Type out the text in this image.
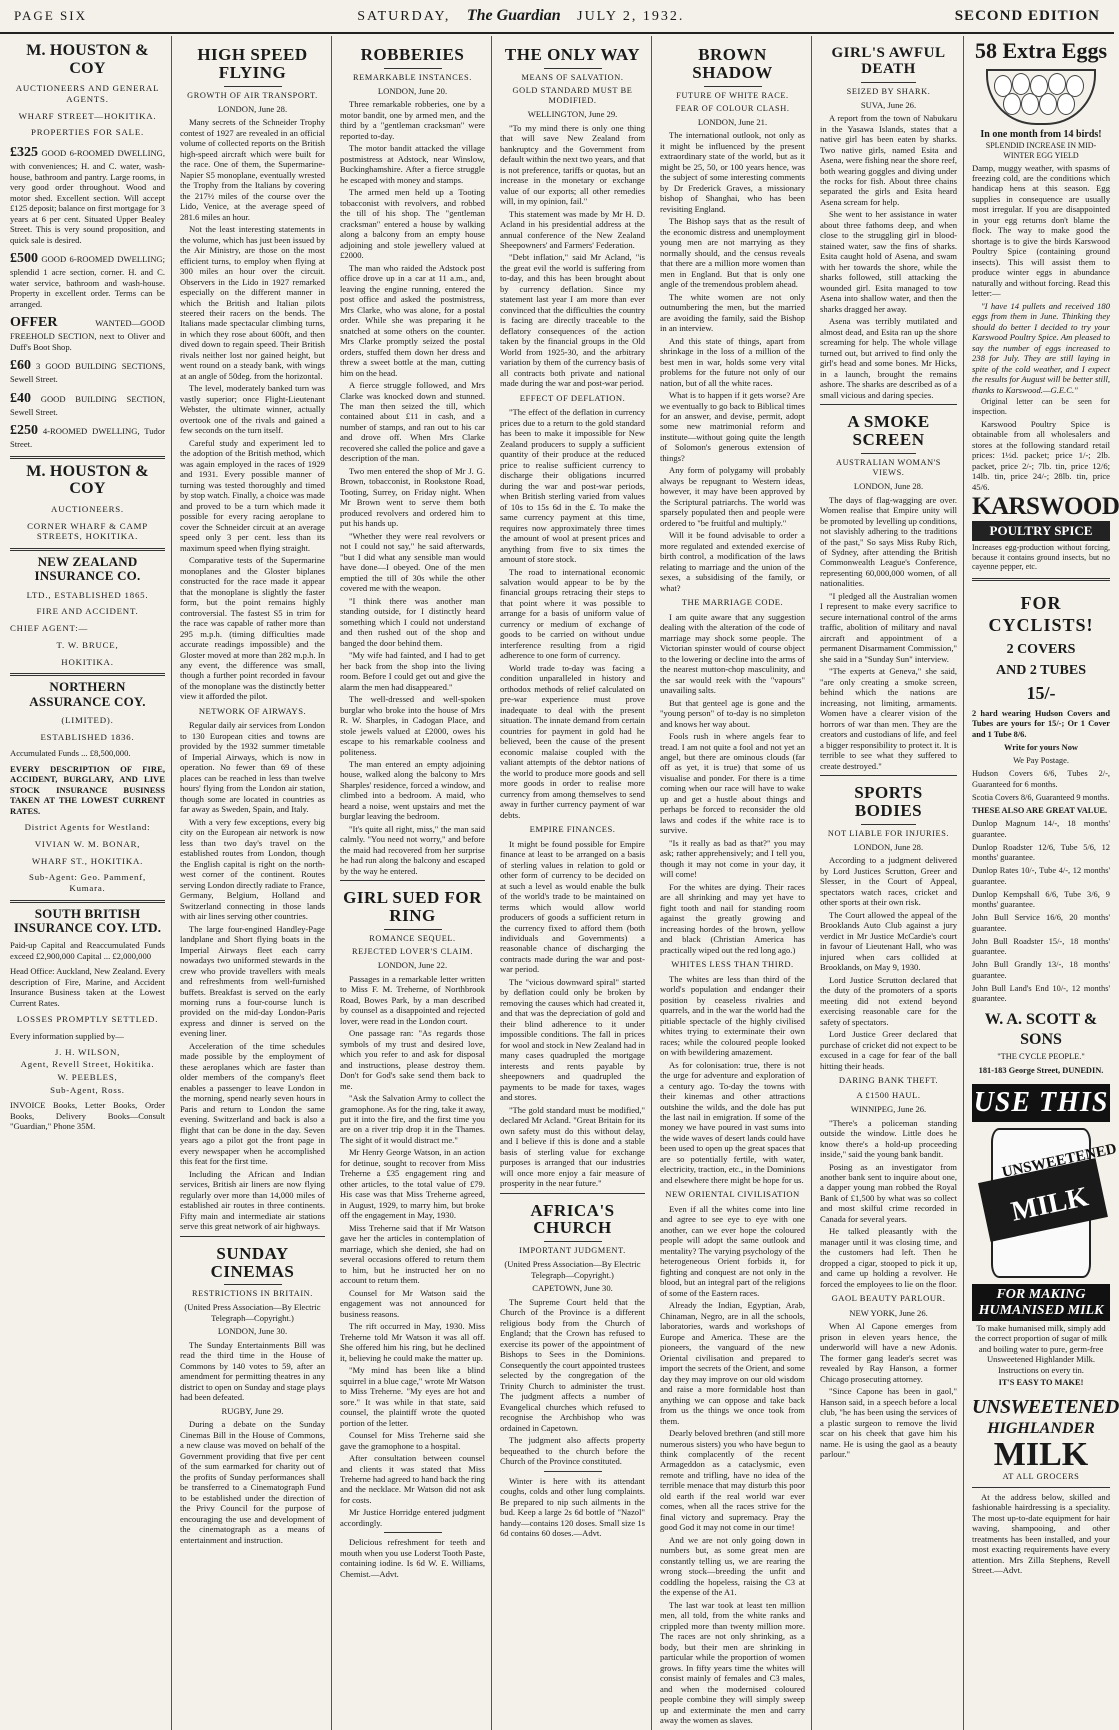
PAGE SIX	SATURDAY, The Guardian JULY 2, 1932.	SECOND EDITION
M. HOUSTON & COY
AUCTIONEERS AND GENERAL AGENTS.
WHARF STREET—HOKITIKA.
PROPERTIES FOR SALE.
£325 GOOD 6-ROOMED DWELLING, with conveniences; H. and C. water, wash-house, bathroom and pantry. Large rooms, in very good order throughout. Wood and motor shed. Excellent section. Will accept £125 deposit; balance on first mortgage for 3 years at 6 per cent. Situated Upper Bealey Street. This is very sound proposition, and quick sale is desired.
£500 GOOD 6-ROOMED DWELLING; splendid 1 acre section, corner. H. and C. water service, bathroom and wash-house. Property in excellent order. Terms can be arranged.
OFFER	WANTED—GOOD FREEHOLD SECTION, next to Oliver and Duff's Boot Shop.
£60 3 GOOD BUILDING SECTIONS, Sewell Street.
£40 GOOD BUILDING SECTION, Sewell Street.
£250 4-ROOMED DWELLING, Tudor Street.
M. HOUSTON & COY
AUCTIONEERS.
CORNER WHARF & CAMP STREETS, HOKITIKA.
NEW ZEALAND INSURANCE CO.
LTD., ESTABLISHED 1865.
FIRE AND ACCIDENT.
CHIEF AGENT:—
T. W. BRUCE,
HOKITIKA.
NORTHERN ASSURANCE COY.
(LIMITED).
ESTABLISHED 1836.
Accumulated Funds ... £8,500,000.
EVERY DESCRIPTION OF FIRE, ACCIDENT, BURGLARY, AND LIVE STOCK INSURANCE BUSINESS TAKEN AT THE LOWEST CURRENT RATES.
District Agents for Westland:
VIVIAN W. M. BONAR,
WHARF ST., HOKITIKA.
Sub-Agent: Geo. Pammenf, Kumara.
SOUTH BRITISH INSURANCE COY. LTD.
Paid-up Capital and Reaccumulated Funds exceed £2,900,000 Capital ... £2,000,000
Head Office: Auckland, New Zealand. Every description of Fire, Marine, and Accident Insurance Business taken at the Lowest Current Rates.
LOSSES PROMPTLY SETTLED.
Every information supplied by—
J. H. WILSON,
Agent, Revell Street, Hokitika.
W. PEEBLES,
Sub-Agent, Ross.
INVOICE Books, Letter Books, Order Books, Delivery Books—Consult "Guardian," Phone 35M.
HIGH SPEED FLYING
GROWTH OF AIR TRANSPORT.
LONDON, June 28.

Many secrets of the Schneider Trophy contest of 1927 are revealed in an official volume of collected reports on the British high-speed aircraft which were built for the race. One of them, the Supermarine-Napier S5 monoplane, eventually wrested the Trophy from the Italians by covering the 217½ miles of the course over the Lido, Venice, at the average speed of 281.6 miles an hour.

Not the least interesting statements in the volume, which has just been issued by the Air Ministry, are those on the most efficient turns, to employ when flying at 300 miles an hour over the circuit. Observers in the Lido in 1927 remarked especially on the different manner in which the British and Italian pilots steered their racers on the bends. The Italians made spectacular climbing turns, in which they rose about 600ft, and then dived down to regain speed. Their British rivals neither lost nor gained height, but went round on a steady bank, with wings at an angle of 50deg. from the horizontal.

The level, moderately banked turn was vastly superior; once Flight-Lieutenant Webster, the ultimate winner, actually overtook one of the rivals and gained a few seconds on the turn itself.

Careful study and experiment led to the adoption of the British method, which was again employed in the races of 1929 and 1931. Every possible manner of turning was tested thoroughly and timed by stop watch. Finally, a choice was made and proved to be a turn which made it possible for every racing aeroplane to cover the Schneider circuit at an average speed only 3 per cent. less than its maximum speed when flying straight.

Comparative tests of the Supermarine monoplanes and the Gloster biplanes constructed for the race made it appear that the monoplane is slightly the faster form, but the point remains highly controversial. The fastest S5 in trim for the race was capable of rather more than 295 m.p.h. (timing difficulties made accurate readings impossible) and the Gloster moved at more than 282 m.p.h. In any event, the difference was small, though a further point recorded in favour of the monoplane was the distinctly better view it afforded the pilot.

NETWORK OF AIRWAYS.

Regular daily air services from London to 130 European cities and towns are provided by the 1932 summer timetable of Imperial Airways, which is now in operation. No fewer than 69 of these places can be reached in less than twelve hours' flying from the London air station, though some are located in countries as far away as Sweden, Spain, and Italy.

With a very few exceptions, every big city on the European air network is now less than two day's travel on the established routes from London, though the English capital is right on the north-west corner of the continent. Routes serving London directly radiate to France, Germany, Belgium, Holland and Switzerland connecting in those lands with air lines serving other countries.

The large four-engined Handley-Page landplane and Short flying boats in the Imperial Airways fleet each carry nowadays two uniformed stewards in the crew who provide travellers with meals and refreshments from well-furnished buffets. Breakfast is served on the early morning runs a four-course lunch is provided on the mid-day London-Paris express and dinner is served on the evening liner.

Acceleration of the time schedules made possible by the employment of these aeroplanes which are faster than older members of the company's fleet enables a passenger to leave London in the morning, spend nearly seven hours in Paris and return to London the same evening. Switzerland and back is also a flight that can be done in the day. Seven years ago a pilot got the front page in every newspaper when he accomplished this feat for the first time.

Including the African and Indian services, British air liners are now flying regularly over more than 14,000 miles of established air routes in three continents. Fifty main and intermediate air stations serve this great network of air highways.

SUNDAY CINEMAS
RESTRICTIONS IN BRITAIN.
(United Press Association—By Electric Telegraph—Copyright.)
LONDON, June 30.

The Sunday Entertainments Bill was read the third time in the House of Commons by 140 votes to 59, after an amendment for permitting theatres in any district to open on Sunday and stage plays had been defeated.

RUGBY, June 29.

During a debate on the Sunday Cinemas Bill in the House of Commons, a new clause was moved on behalf of the Government providing that five per cent of the sum earmarked for charity out of the profits of Sunday performances shall be transferred to a Cinematograph Fund to be established under the direction of the Privy Council for the purpose of encouraging the use and development of the cinematograph as a means of entertainment and instruction.

ROBBERIES
REMARKABLE INSTANCES.
LONDON, June 20.

Three remarkable robberies, one by a motor bandit, one by armed men, and the third by a "gentleman cracksman" were reported to-day.

The motor bandit attacked the village postmistress at Adstock, near Winslow, Buckinghamshire. After a fierce struggle he escaped with money and stamps.

The armed men held up a Tooting tobacconist with revolvers, and robbed the till of his shop. The "gentleman cracksman" entered a house by walking along a balcony from an empty house adjoining and stole jewellery valued at £2000.

The man who raided the Adstock post office drove up in a car at 11 a.m., and, leaving the engine running, entered the post office and asked the postmistress, Mrs Clarke, who was alone, for a postal order. While she was preparing it he snatched at some others on the counter. Mrs Clarke promptly seized the postal orders, stuffed them down her dress and threw a sweet bottle at the man, cutting him on the head.

A fierce struggle followed, and Mrs Clarke was knocked down and stunned. The man then seized the till, which contained about £11 in cash, and a number of stamps, and ran out to his car and drove off. When Mrs Clarke recovered she called the police and gave a description of the man.

Two men entered the shop of Mr J. G. Brown, tobacconist, in Rookstone Road, Tooting, Surrey, on Friday night. When Mr Brown went to serve them both produced revolvers and ordered him to put his hands up.

"Whether they were real revolvers or not I could not say," he said afterwards, "but I did what any sensible man would have done—I obeyed. One of the men emptied the till of 30s while the other covered me with the weapon.

"I think there was another man standing outside, for I distinctly heard something which I could not understand and then rushed out of the shop and banged the door behind them.

"My wife had fainted, and I had to get her back from the shop into the living room. Before I could get out and give the alarm the men had disappeared."

The well-dressed and well-spoken burglar who broke into the house of Mrs R. W. Sharples, in Cadogan Place, and stole jewels valued at £2000, owes his escape to his remarkable coolness and politeness.

The man entered an empty adjoining house, walked along the balcony to Mrs Sharples' residence, forced a window, and climbed into a bedroom. A maid, who heard a noise, went upstairs and met the burglar leaving the bedroom.

"It's quite all right, miss," the man said calmly. "You need not worry," and before the maid had recovered from her surprise he had run along the balcony and escaped by the way he entered.

GIRL SUED FOR RING
ROMANCE SEQUEL.
REJECTED LOVER'S CLAIM.
LONDON, June 22.

Passages in a remarkable letter written to Miss F. M. Treherne, of Northbrook Road, Bowes Park, by a man described by counsel as a disappointed and rejected lover, were read in the London court.

One passage ran: "As regards those symbols of my trust and desired love, which you refer to and ask for disposal and instructions, please destroy them. Don't for God's sake send them back to me.

"Ask the Salvation Army to collect the gramophone. As for the ring, take it away, put it into the fire, and the first time you are on a river trip drop it in the Thames. The sight of it would distract me."

Mr Henry George Watson, in an action for detinue, sought to recover from Miss Treherne a £35 engagement ring and other articles, to the total value of £79. His case was that Miss Treherne agreed, in August, 1929, to marry him, but broke off the engagement in May, 1930.

Miss Treherne said that if Mr Watson gave her the articles in contemplation of marriage, which she denied, she had on several occasions offered to return them to him, but he instructed her on no account to return them.

Counsel for Mr Watson said the engagement was not announced for business reasons.

The rift occurred in May, 1930. Miss Treherne told Mr Watson it was all off. She offered him his ring, but he declined it, believing he could make the matter up.

"My mind has been like a blind squirrel in a blue cage," wrote Mr Watson to Miss Treherne. "My eyes are hot and sore." It was while in that state, said counsel, the plaintiff wrote the quoted portion of the letter.

Counsel for Miss Treherne said she gave the gramophone to a hospital.

After consultation between counsel and clients it was stated that Miss Treherne had agreed to hand back the ring and the necklace. Mr Watson did not ask for costs.

Mr Justice Horridge entered judgment accordingly.

Delicious refreshment for teeth and mouth when you use Loderst Tooth Paste, containing iodine. Is 6d W. E. Williams, Chemist.—Advt.

THE ONLY WAY
MEANS OF SALVATION.
GOLD STANDARD MUST BE MODIFIED.
WELLINGTON, June 29.

"To my mind there is only one thing that will save New Zealand from bankruptcy and the Government from default within the next two years, and that is not preference, tariffs or quotas, but an increase in the monetary or exchange value of our exports; all other remedies will, in my opinion, fail."

This statement was made by Mr H. D. Acland in his presidential address at the annual conference of the New Zealand Sheepowners' and Farmers' Federation.

"Debt inflation," said Mr Acland, "is the great evil the world is suffering from to-day, and this has been brought about by currency deflation. Since my statement last year I am more than ever convinced that the difficulties the country is facing are directly traceable to the deflatory consequences of the action taken by the financial groups in the Old World from 1925-30, and the arbitrary variation by them of the currency basis of all contracts both private and national made during the war and post-war period.

EFFECT OF DEFLATION.

"The effect of the deflation in currency prices due to a return to the gold standard has been to make it impossible for New Zealand producers to supply a sufficient quantity of their produce at the reduced price to realise sufficient currency to discharge their obligations incurred during the war and post-war periods, when British sterling varied from values of 10s to 15s 6d in the £. To make the same currency payment at this time, requires now approximately three times the amount of wool at present prices and anything from five to six times the amount of store stock.

The road to international economic salvation would appear to be by the financial groups retracing their steps to that point where it was possible to arrange for a basis of uniform value of currency or medium of exchange of goods to be carried on without undue interference resulting from a rigid adherence to one form of currency.

World trade to-day was facing a condition unparalleled in history and orthodox methods of relief calculated on pre-war experience must prove inadequate to deal with the present situation. The innate demand from certain countries for payment in gold had he believed, been the cause of the present economic malaise coupled with the valiant attempts of the debtor nations of the world to produce more goods and sell more goods in order to realise more currency from among themselves to send away in further currency payment of war debts.

EMPIRE FINANCES.

It might be found possible for Empire finance at least to be arranged on a basis of sterling values in relation to gold or other form of currency to be decided on at such a level as would enable the bulk of the world's trade to be maintained on terms which would allow world producers of goods a sufficient return in the currency fixed to afford them (both individuals and Governments) a reasonable chance of discharging the contracts made during the war and post-war period.

The "vicious downward spiral" started by deflation could only be broken by removing the causes which had created it, and that was the depreciation of gold and their blind adherence to it under impossible conditions. The fall in prices for wool and stock in New Zealand had in many cases quadrupled the mortgage interests and rents payable by sheepowners and quadrupled the payments to be made for taxes, wages and stores.

"The gold standard must be modified," declared Mr Acland. "Great Britain for its own safety must do this without delay, and I believe if this is done and a stable basis of sterling value for exchange purposes is arranged that our industries will once more enjoy a fair measure of prosperity in the near future."

AFRICA'S CHURCH
IMPORTANT JUDGMENT.
(United Press Association—By Electric Telegraph—Copyright.)
CAPETOWN, June 30.

The Supreme Court held that the Church of the Province is a different religious body from the Church of England; that the Crown has refused to exercise its power of the appointment of Bishops to Sees in the Dominions. Consequently the court appointed trustees selected by the congregation of the Trinity Church to administer the trust. The judgment affects a number of Evangelical churches which refused to recognise the Archbishop who was ordained in Capetown.

The judgment also affects property bequeathed to the church before the Church of the Province constituted.

Winter is here with its attendant coughs, colds and other lung complaints. Be prepared to nip such ailments in the bud. Keep a large 2s 6d bottle of "Nazol" handy—contains 120 doses. Small size 1s 6d contains 60 doses.—Advt.

BROWN SHADOW
FUTURE OF WHITE RACE.
FEAR OF COLOUR CLASH.
LONDON, June 21.

The international outlook, not only as it might be influenced by the present extraordinary state of the world, but as it might be 25, 50, or 100 years hence, was the subject of some interesting comments by Dr Frederick Graves, a missionary bishop of Shanghai, who has been revisiting England.

The Bishop says that as the result of the economic distress and unemployment young men are not marrying as they normally should, and the census reveals that there are a million more women than men in England. But that is only one angle of the tremendous problem ahead.

The white women are not only outnumbering the men, but the married are avoiding the family, said the Bishop in an interview.

And this state of things, apart from shrinkage in the loss of a million of the best men in war, holds some very vital problems for the future not only of our nation, but of all the white races.

What is to happen if it gets worse? Are we eventually to go back to Biblical times for an answer, and devise, permit, adopt some new matrimonial reform and institute—without going quite the length of Solomon's generous extension of things?

Any form of polygamy will probably always be repugnant to Western ideas, however, it may have been approved by the Scriptural patriarchs. The world was sparsely populated then and people were ordered to "be fruitful and multiply."

Will it be found advisable to order a more regulated and extended exercise of birth control, a modification of the laws relating to marriage and the union of the sexes, a subsidising of the family, or what?

THE MARRIAGE CODE.

I am quite aware that any suggestion dealing with the alteration of the code of marriage may shock some people. The Victorian spinster would of course object to the lowering or decline into the arms of the nearest mutton-chop masculinity, and the sar would reek with the "vapours" unavailing salts.

But that genteel age is gone and the "young person" of to-day is no simpleton and knows her way about.

Fools rush in where angels fear to tread. I am not quite a fool and not yet an angel, but there are ominous clouds (far off as yet, it is true) that some of us visualise and ponder. For there is a time coming when our race will have to wake up and get a hustle about things and perhaps be forced to reconsider the old laws and codes if the white race is to survive.

"Is it really as bad as that?" you may ask; rather apprehensively; and I tell you, though it may not come in your day, it will come!

For the whites are dying. Their races are all shrinking and may yet have to fight tooth and nail for standing room against the greatly growing and increasing hordes of the brown, yellow and black (Christian America has practically wiped out the red long ago.)

WHITES LESS THAN THIRD.

The whites are less than third of the world's population and endanger their position by ceaseless rivalries and quarrels, and in the war the world had the pitiable spectacle of the highly civilised whites trying to exterminate their own races; while the coloured people looked on with bewildering amazement.

As for colonisation: true, there is not the urge for adventure and exploration of a century ago. To-day the towns with their kinemas and other attractions outshine the wilds, and the dole has put the last nail in emigration. If some of the money we have poured in vast sums into the wide waves of desert lands could have been used to open up the great spaces that are so potentially fertile, with water, electricity, traction, etc., in the Dominions and elsewhere there might be hope for us.

NEW ORIENTAL CIVILISATION

Even if all the whites come into line and agree to see eye to eye with one another, can we ever hope the coloured people will adopt the same outlook and mentality? The varying psychology of the heterogeneous Orient forbids it, for fighting and conquest are not only in the blood, but an integral part of the religions of some of the Eastern races.

Already the Indian, Egyptian, Arab, Chinaman, Negro, are in all the schools, laboratories, wards and workshops of Europe and America. These are the pioneers, the vanguard of the new Oriental civilisation and prepared to import the secrets of the Orient, and some day they may improve on our old wisdom and raise a more formidable host than anything we can oppose and take back from us the things we once took from them.

Dearly beloved brethren (and still more numerous sisters) you who have begun to think complacently of the recent Armageddon as a cataclysmic, even remote and trifling, have no idea of the terrible menace that may disturb this poor old earth if the real world war ever comes, when all the races strive for the final victory and supremacy. Pray the good God it may not come in our time!

And we are not only going down in numbers but, as some great men are constantly telling us, we are rearing the wrong stock—breeding the unfit and coddling the hopeless, raising the C3 at the expense of the A1.

The last war took at least ten million men, all told, from the white ranks and crippled more than twenty million more. The races are not only shrinking, as a body, but their men are shrinking in particular while the proportion of women grows. In fifty years time the whites will consist mainly of females and C3 males, and when the modernised coloured people combine they will simply sweep up and exterminate the men and carry away the women as slaves.

GIRL'S AWFUL DEATH
SEIZED BY SHARK.
SUVA, June 26.

A report from the town of Nabukaru in the Yasawa Islands, states that a native girl has been eaten by sharks. Two native girls, named Esita and Asena, were fishing near the shore reef, both wearing goggles and diving under the rocks for fish. About three chains separated the girls and Esita heard Asena scream for help.

She went to her assistance in water about three fathoms deep, and when close to the struggling girl in blood-stained water, saw the fins of sharks. Esita caught hold of Asena, and swam with her towards the shore, while the sharks followed, still attacking the wounded girl. Esita managed to tow Asena into shallow water, and then the sharks dragged her away.

Asena was terribly mutilated and almost dead, and Esita ran up the shore screaming for help. The whole village turned out, but arrived to find only the girl's head and some bones. Mr Hicks, in a launch, brought the remains ashore. The sharks are described as of a small vicious and daring species.

A SMOKE SCREEN
AUSTRALIAN WOMAN'S VIEWS.
LONDON, June 28.

The days of flag-wagging are over. Women realise that Empire unity will be promoted by levelling up conditions, not slavishly adhering to the traditions of the past," So says Miss Ruby Rich, of Sydney, after attending the British Commonwealth League's Conference, representing 60,000,000 women, of all nationalities.

"I pledged all the Australian women I represent to make every sacrifice to secure international control of the arms traffic, abolition of military and naval aircraft and appointment of a permanent Disarmament Commission," she said in a "Sunday Sun" interview.

"The experts at Geneva," she said, "are only creating a smoke screen, behind which the nations are increasing, not limiting, armaments. Women have a clearer vision of the horrors of war than men. They are the creators and custodians of life, and feel a bigger responsibility to protect it. It is terrible to see what they suffered to create destroyed."

SPORTS BODIES
NOT LIABLE FOR INJURIES.
LONDON, June 28.

According to a judgment delivered by Lord Justices Scrutton, Greer and Slesser, in the Court of Appeal, spectators watch races, cricket and other sports at their own risk.

The Court allowed the appeal of the Brooklands Auto Club against a jury verdict in Mr Justice McCardie's court in favour of Lieutenant Hall, who was injured when cars collided at Brooklands, on May 9, 1930.

Lord Justice Scrutton declared that the duty of the promoters of a sports meeting did not extend beyond exercising reasonable care for the safety of spectators.

Lord Justice Greer declared that purchase of cricket did not expect to be excused in a cage for fear of the ball hitting their heads.

DARING BANK THEFT.
A £1500 HAUL.
WINNIPEG, June 26.

"There's a policeman standing outside the window. Little does he know there's a hold-up proceeding inside," said the young bank bandit.

Posing as an investigator from another bank sent to inquire about one, a dapper young man robbed the Royal Bank of £1,500 by what was so collect and most skilful crime recorded in Canada for several years.

He talked pleasantly with the manager until it was closing time, and the customers had left. Then he dropped a cigar, stooped to pick it up, and came up holding a revolver. He forced the employees to lie on the floor.

GAOL BEAUTY PARLOUR.
NEW YORK, June 26.

When Al Capone emerges from prison in eleven years hence, the underworld will have a new Adonis. The former gang leader's secret was revealed by Ray Hanson, a former Chicago prosecuting attorney.

"Since Capone has been in gaol," Hanson said, in a speech before a local club, "he has been using the services of a plastic surgeon to remove the livid scar on his cheek that gave him his name. He is using the gaol as a beauty parlour."

58 Extra Eggs
In one month from 14 birds!
SPLENDID INCREASE IN MID-WINTER EGG YIELD

Damp, muggy weather, with spasms of freezing cold, are the conditions which handicap hens at this season. Egg supplies in consequence are usually most irregular. If you are disappointed in your egg returns don't blame the flock. The way to make good the shortage is to give the birds Karswood Poultry Spice (containing ground insects). This will assist them to produce winter eggs in abundance naturally and without forcing. Read this letter:—

"I have 14 pullets and received 180 eggs from them in June. Thinking they should do better I decided to try your Karswood Poultry Spice. Am pleased to say the number of eggs increased to 238 for July. They are still laying in spite of the cold weather, and I expect the results for August will be better still, thanks to Karswood.—G.E.C."

Original letter can be seen for inspection.

Karswood Poultry Spice is obtainable from all wholesalers and stores at the following standard retail prices: 1½d. packet; price 1/-; 2lb. packet, price 2/-; 7lb. tin, price 12/6; 14lb. tin, price 24/-; 28lb. tin, price 45/6.

KARSWOOD
POULTRY SPICE

Increases egg-production without forcing, because it contains ground insects, but no cayenne pepper, etc.

FOR CYCLISTS!
2 COVERS
AND 2 TUBES
15/-
2 hard wearing Hudson Covers and Tubes are yours for 15/-; Or 1 Cover and 1 Tube 8/6.
Write for yours Now
We Pay Postage.
Hudson Covers 6/6, Tubes 2/-, Guaranteed for 6 months.
Scotia Covers 8/6, Guaranteed 9 months.
THESE ALSO ARE GREAT VALUE.
Dunlop Magnum 14/-, 18 months' guarantee.
Dunlop Roadster 12/6, Tube 5/6, 12 months' guarantee.
Dunlop Rates 10/-, Tube 4/-, 12 months' guarantee.
Dunlop Kempshall 6/6, Tube 3/6, 9 months' guarantee.
John Bull Service 16/6, 20 months' guarantee.
John Bull Roadster 15/-, 18 months' guarantee.
John Bull Grandly 13/-, 18 months' guarantee.
John Bull Land's End 10/-, 12 months' guarantee.
W. A. SCOTT & SONS
"THE CYCLE PEOPLE."
181-183 George Street, DUNEDIN.
USE THIS
UNSWEETENED
MILK
FOR MAKING HUMANISED MILK

To make humanised milk, simply add the correct proportion of sugar of milk and boiling water to pure, germ-free Unsweetened Highlander Milk. Instructions on every tin.

IT'S EASY TO MAKE!
UNSWEETENED
HIGHLANDER
MILK
AT ALL GROCERS

At the address below, skilled and fashionable hairdressing is a speciality. The most up-to-date equipment for hair waving, shampooing, and other treatments has been installed, and your most exacting requirements have every attention. Mrs Zilla Stephens, Revell Street.—Advt.
